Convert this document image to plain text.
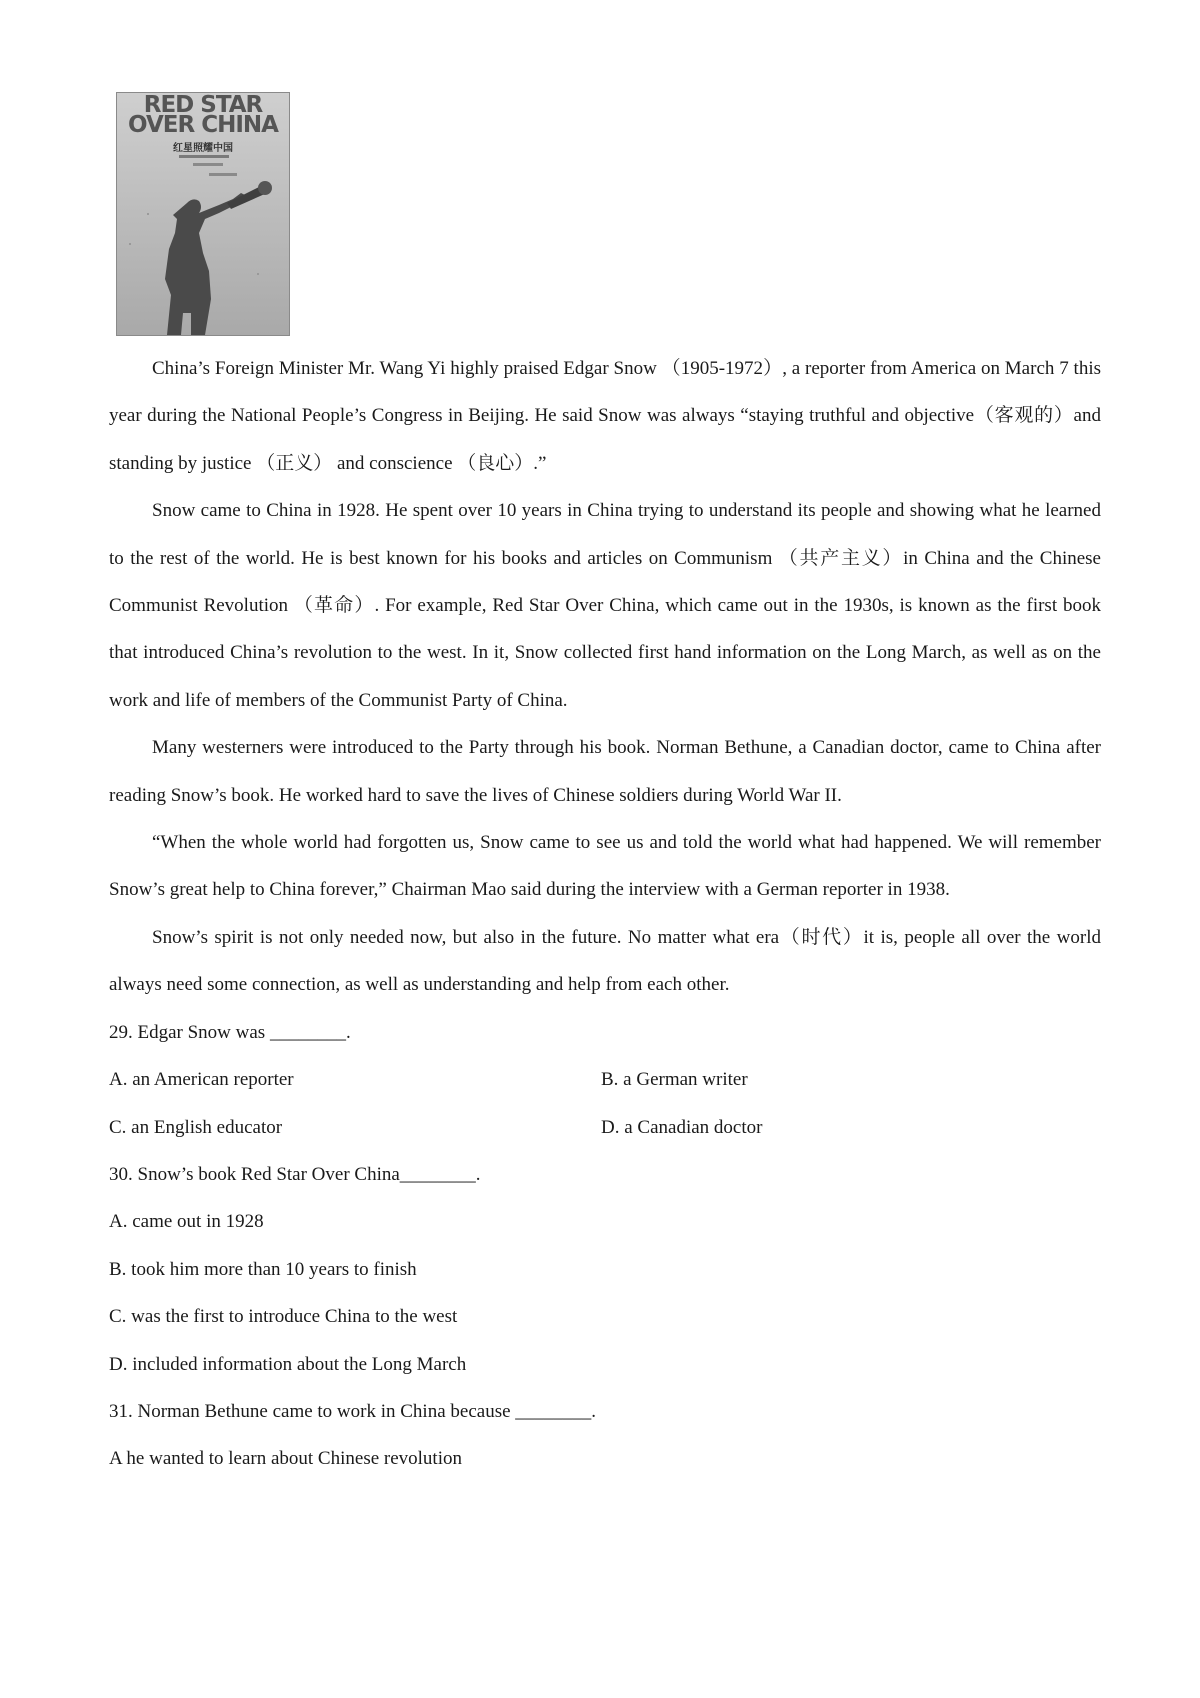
RED STAR
OVER CHINA
红星照耀中国

China’s Foreign Minister Mr. Wang Yi highly praised Edgar Snow （1905-1972）, a reporter from America on March 7 this year during the National People’s Congress in Beijing. He said Snow was always “staying truthful and objective（客观的）and standing by justice （正义） and conscience （良心）.”

Snow came to China in 1928. He spent over 10 years in China trying to understand its people and showing what he learned to the rest of the world. He is best known for his books and articles on Communism （共产主义）in China and the Chinese Communist Revolution （革命）. For example, Red Star Over China, which came out in the 1930s, is known as the first book that introduced China’s revolution to the west. In it, Snow collected first hand information on the Long March, as well as on the work and life of members of the Communist Party of China.

Many westerners were introduced to the Party through his book. Norman Bethune, a Canadian doctor, came to China after reading Snow’s book. He worked hard to save the lives of Chinese soldiers during World War II.

“When the whole world had forgotten us, Snow came to see us and told the world what had happened. We will remember Snow’s great help to China forever,” Chairman Mao said during the interview with a German reporter in 1938.

Snow’s spirit is not only needed now, but also in the future. No matter what era（时代）it is, people all over the world always need some connection, as well as understanding and help from each other.

29. Edgar Snow was ________.

A. an American reporter	B. a German writer

C. an English educator	D. a Canadian doctor

30. Snow’s book Red Star Over China________.

A. came out in 1928

B. took him more than 10 years to finish

C. was the first to introduce China to the west

D. included information about the Long March

31. Norman Bethune came to work in China because ________.

A he wanted to learn about Chinese revolution
